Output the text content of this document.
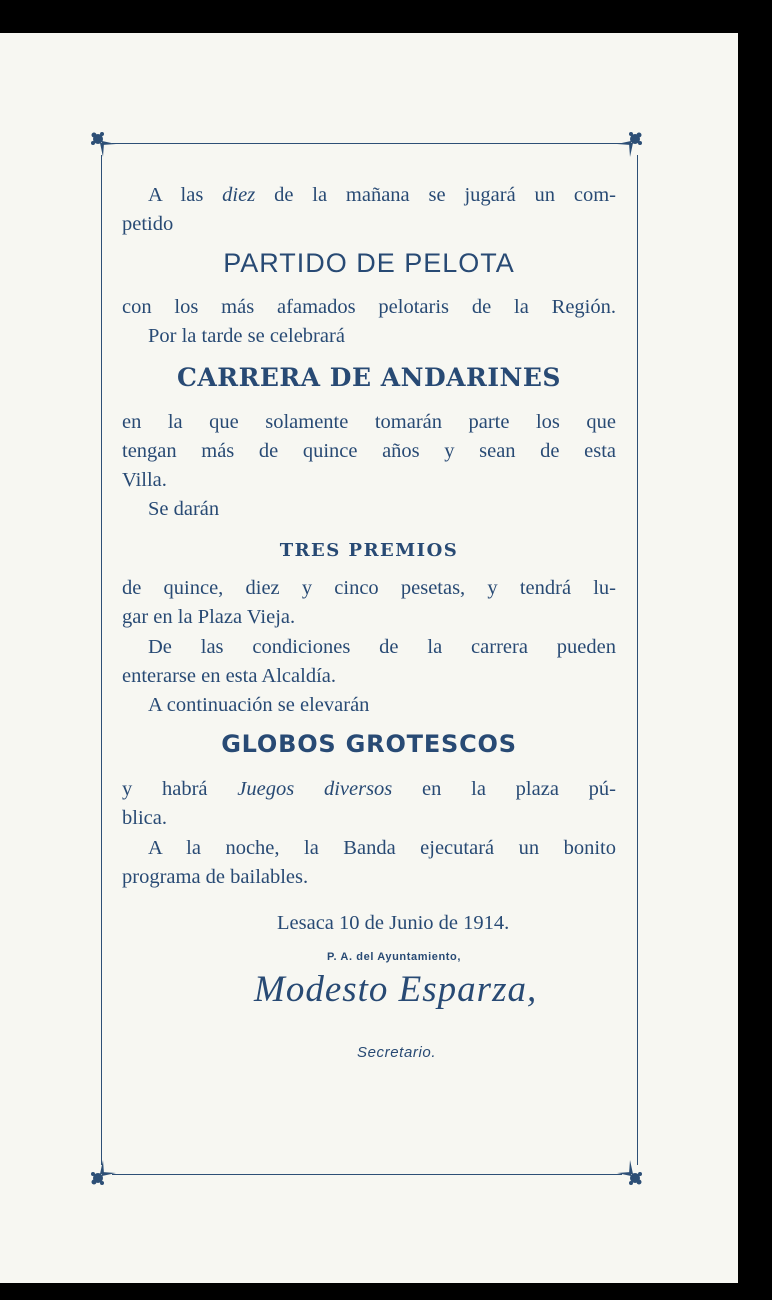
A las diez de la mañana se jugará un com-
petido
PARTIDO DE PELOTA
con los más afamados pelotaris de la Región.
Por la tarde se celebrará
CARRERA DE ANDARINES
en la que solamente tomarán parte los que
tengan más de quince años y sean de esta
Villa.
Se darán
TRES PREMIOS
de quince, diez y cinco pesetas, y tendrá lu-
gar en la Plaza Vieja.
De las condiciones de la carrera pueden
enterarse en esta Alcaldía.
A continuación se elevarán
GLOBOS GROTESCOS
y habrá Juegos diversos en la plaza pú-
blica.
A la noche, la Banda ejecutará un bonito
programa de bailables.
Lesaca 10 de Junio de 1914.
P. A. del Ayuntamiento,
Modesto Esparza,
Secretario.
